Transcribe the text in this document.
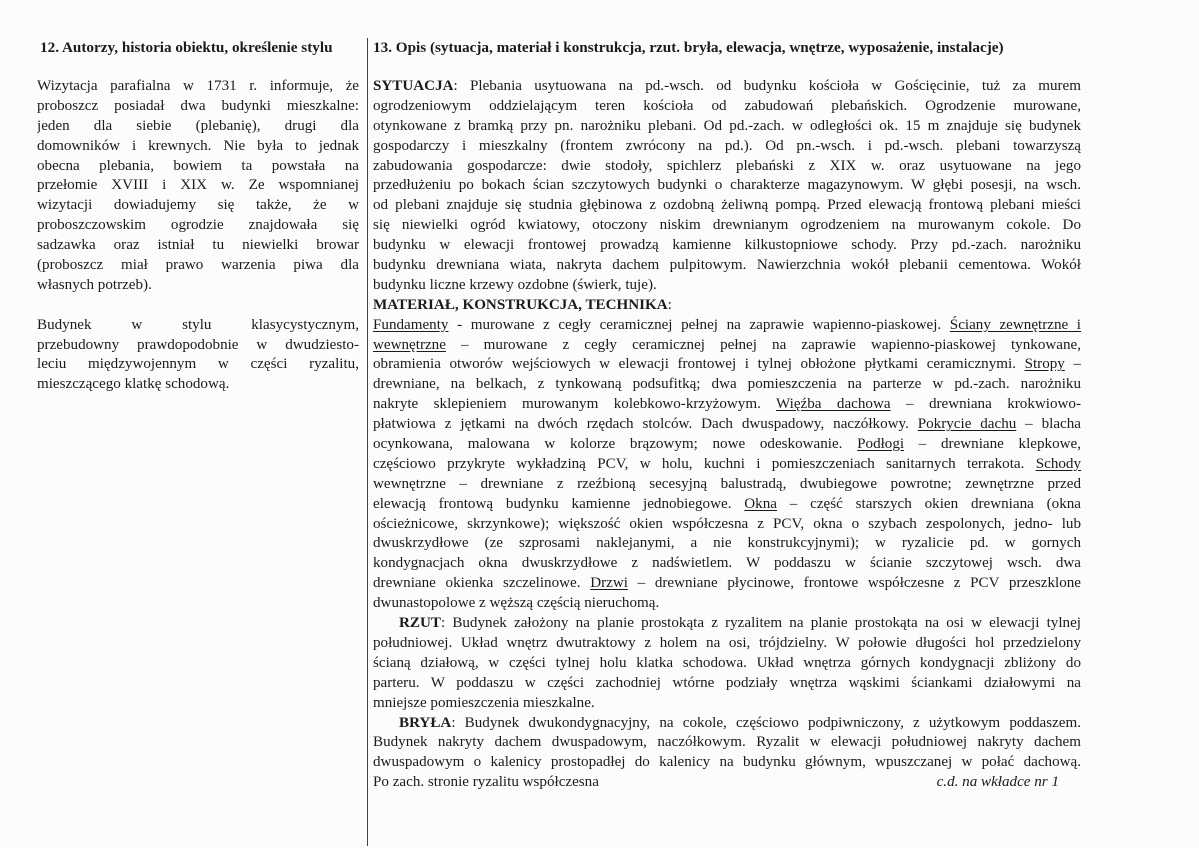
12. Autorzy, historia obiektu, określenie stylu
Wizytacja parafialna w 1731 r. informuje, że
proboszcz posiadał dwa budynki mieszkalne:
jeden dla siebie (plebanię), drugi dla
domowników i krewnych. Nie była to jednak
obecna plebania, bowiem ta powstała na
przełomie XVIII i XIX w. Ze wspomnianej
wizytacji dowiadujemy się także, że w
proboszczowskim ogrodzie znajdowała się
sadzawka oraz istniał tu niewielki browar
(proboszcz miał prawo warzenia piwa dla
własnych potrzeb).

Budynek w stylu klasycystycznym,
przebudowny prawdopodobnie w dwudziesto-
leciu międzywojennym w części ryzalitu,
mieszczącego klatkę schodową.
13. Opis (sytuacja, materiał i konstrukcja, rzut. bryła, elewacja, wnętrze, wyposażenie, instalacje)
SYTUACJA: Plebania usytuowana na pd.-wsch. od budynku kościoła w Gościęcinie, tuż za murem
ogrodzeniowym oddzielającym teren kościoła od zabudowań plebańskich. Ogrodzenie murowane,
otynkowane z bramką przy pn. narożniku plebani. Od pd.-zach. w odległości ok. 15 m znajduje się budynek
gospodarczy i mieszkalny (frontem zwrócony na pd.). Od pn.-wsch. i pd.-wsch. plebani towarzyszą
zabudowania gospodarcze: dwie stodoły, spichlerz plebański z XIX w. oraz usytuowane na jego
przedłużeniu po bokach ścian szczytowych budynki o charakterze magazynowym. W głębi posesji, na wsch.
od plebani znajduje się studnia głębinowa z ozdobną żeliwną pompą. Przed elewacją frontową plebani mieści
się niewielki ogród kwiatowy, otoczony niskim drewnianym ogrodzeniem na murowanym cokole. Do
budynku w elewacji frontowej prowadzą kamienne kilkustopniowe schody. Przy pd.-zach. narożniku
budynku drewniana wiata, nakryta dachem pulpitowym. Nawierzchnia wokół plebanii cementowa. Wokół
budynku liczne krzewy ozdobne (świerk, tuje).
MATERIAŁ, KONSTRUKCJA, TECHNIKA:
Fundamenty - murowane z cegły ceramicznej pełnej na zaprawie wapienno-piaskowej. Ściany zewnętrzne i
wewnętrzne – murowane z cegły ceramicznej pełnej na zaprawie wapienno-piaskowej tynkowane,
obramienia otworów wejściowych w elewacji frontowej i tylnej obłożone płytkami ceramicznymi. Stropy –
drewniane, na belkach, z tynkowaną podsufitką; dwa pomieszczenia na parterze w pd.-zach. narożniku
nakryte sklepieniem murowanym kolebkowo-krzyżowym. Więźba dachowa – drewniana krokwiowo-
płatwiowa z jętkami na dwóch rzędach stolców. Dach dwuspadowy, naczółkowy. Pokrycie dachu – blacha
ocynkowana, malowana w kolorze brązowym; nowe odeskowanie. Podłogi – drewniane klepkowe,
częściowo przykryte wykładziną PCV, w holu, kuchni i pomieszczeniach sanitarnych terrakota. Schody
wewnętrzne – drewniane z rzeźbioną secesyjną balustradą, dwubiegowe powrotne; zewnętrzne przed
elewacją frontową budynku kamienne jednobiegowe. Okna – część starszych okien drewniana (okna
ościeżnicowe, skrzynkowe); większość okien współczesna z PCV, okna o szybach zespolonych, jedno- lub
dwuskrzydłowe (ze szprosami naklejanymi, a nie konstrukcyjnymi); w ryzalicie pd. w gornych
kondygnacjach okna dwuskrzydłowe z nadświetlem. W poddaszu w ścianie szczytowej wsch. dwa
drewniane okienka szczelinowe. Drzwi – drewniane płycinowe, frontowe współczesne z PCV przeszklone
dwunastopolowe z węższą częścią nieruchomą.
RZUT: Budynek założony na planie prostokąta z ryzalitem na planie prostokąta na osi w elewacji tylnej
południowej. Układ wnętrz dwutraktowy z holem na osi, trójdzielny. W połowie długości hol przedzielony
ścianą działową, w części tylnej holu klatka schodowa. Układ wnętrza górnych kondygnacji zbliżony do
parteru. W poddaszu w części zachodniej wtórne podziały wnętrza wąskimi ściankami działowymi na
mniejsze pomieszczenia mieszkalne.
BRYŁA: Budynek dwukondygnacyjny, na cokole, częściowo podpiwniczony, z użytkowym poddaszem.
Budynek nakryty dachem dwuspadowym, naczółkowym. Ryzalit w elewacji południowej nakryty dachem
dwuspadowym o kalenicy prostopadłej do kalenicy na budynku głównym, wpuszczanej w połać dachową.
Po zach. stronie ryzalitu współczesna	c.d. na wkładce nr 1
